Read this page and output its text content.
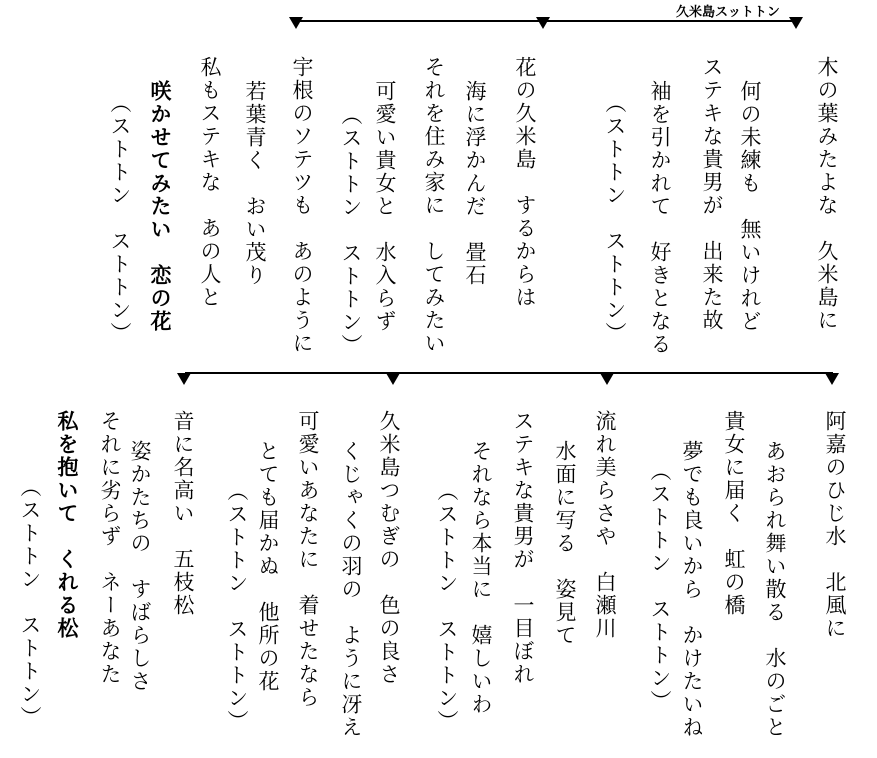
久米島スットトン
木の葉みたよな　久米島に
何の未練も　無いけれど
ステキな貴男が　出来た故
袖を引かれて　好きとなる
（ストトン　ストトン）
花の久米島　するからは
海に浮かんだ　畳石
それを住み家に　してみたい
可愛い貴女と　水入らず
（ストトン　ストトン）
宇根のソテツも　あのように
若葉青く　おい茂り
私もステキな　あの人と
咲かせてみたい　恋の花
（ストトン　ストトン）
阿嘉のひじ水　北風に
あおられ舞い散る　水のごと
貴女に届く　虹の橋
夢でも良いから　かけたいね
（ストトン　ストトン）
流れ美らさや　白瀬川
水面に写る　姿見て
ステキな貴男が　一目ぼれ
それなら本当に　嬉しいわ
（ストトン　ストトン）
久米島つむぎの　色の良さ
くじゃくの羽の　ように冴え
可愛いあなたに　着せたなら
とても届かぬ　他所の花
（ストトン　ストトン）
音に名高い　五枝松
姿かたちの　すばらしさ
それに劣らず　ネーあなた
私を抱いて　くれる松
（ストトン　ストトン）
